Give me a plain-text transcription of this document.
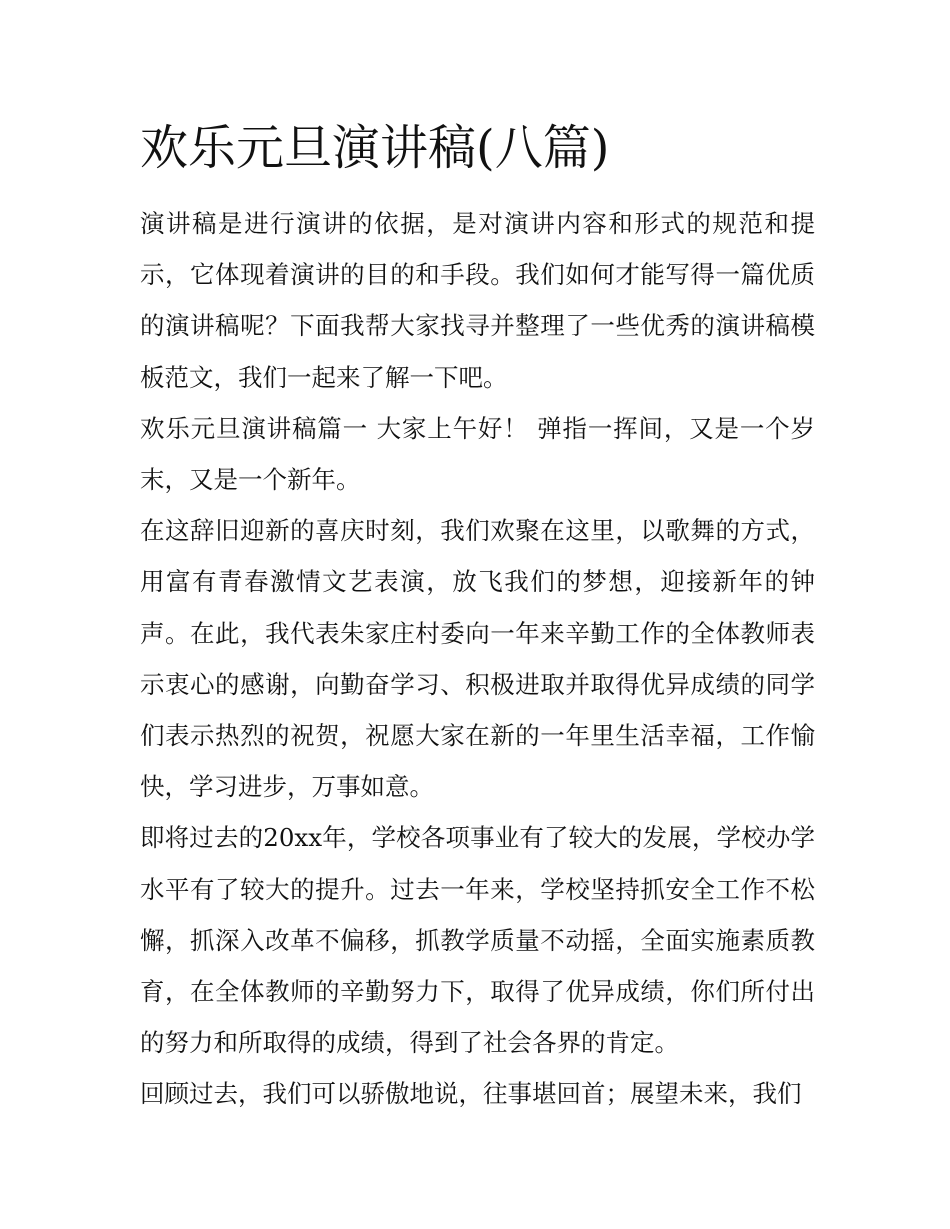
欢乐元旦演讲稿(八篇)

演讲稿是进行演讲的依据，是对演讲内容和形式的规范和提示，它体现着演讲的目的和手段。我们如何才能写得一篇优质的演讲稿呢？下面我帮大家找寻并整理了一些优秀的演讲稿模板范文，我们一起来了解一下吧。

欢乐元旦演讲稿篇一 大家上午好！ 弹指一挥间，又是一个岁末，又是一个新年。

在这辞旧迎新的喜庆时刻，我们欢聚在这里，以歌舞的方式，用富有青春激情文艺表演，放飞我们的梦想，迎接新年的钟声。在此，我代表朱家庄村委向一年来辛勤工作的全体教师表示衷心的感谢，向勤奋学习、积极进取并取得优异成绩的同学们表示热烈的祝贺，祝愿大家在新的一年里生活幸福，工作愉快，学习进步，万事如意。

即将过去的20xx年，学校各项事业有了较大的发展，学校办学水平有了较大的提升。过去一年来，学校坚持抓安全工作不松懈，抓深入改革不偏移，抓教学质量不动摇，全面实施素质教育，在全体教师的辛勤努力下，取得了优异成绩，你们所付出的努力和所取得的成绩，得到了社会各界的肯定。

回顾过去，我们可以骄傲地说，往事堪回首；展望未来，我们
